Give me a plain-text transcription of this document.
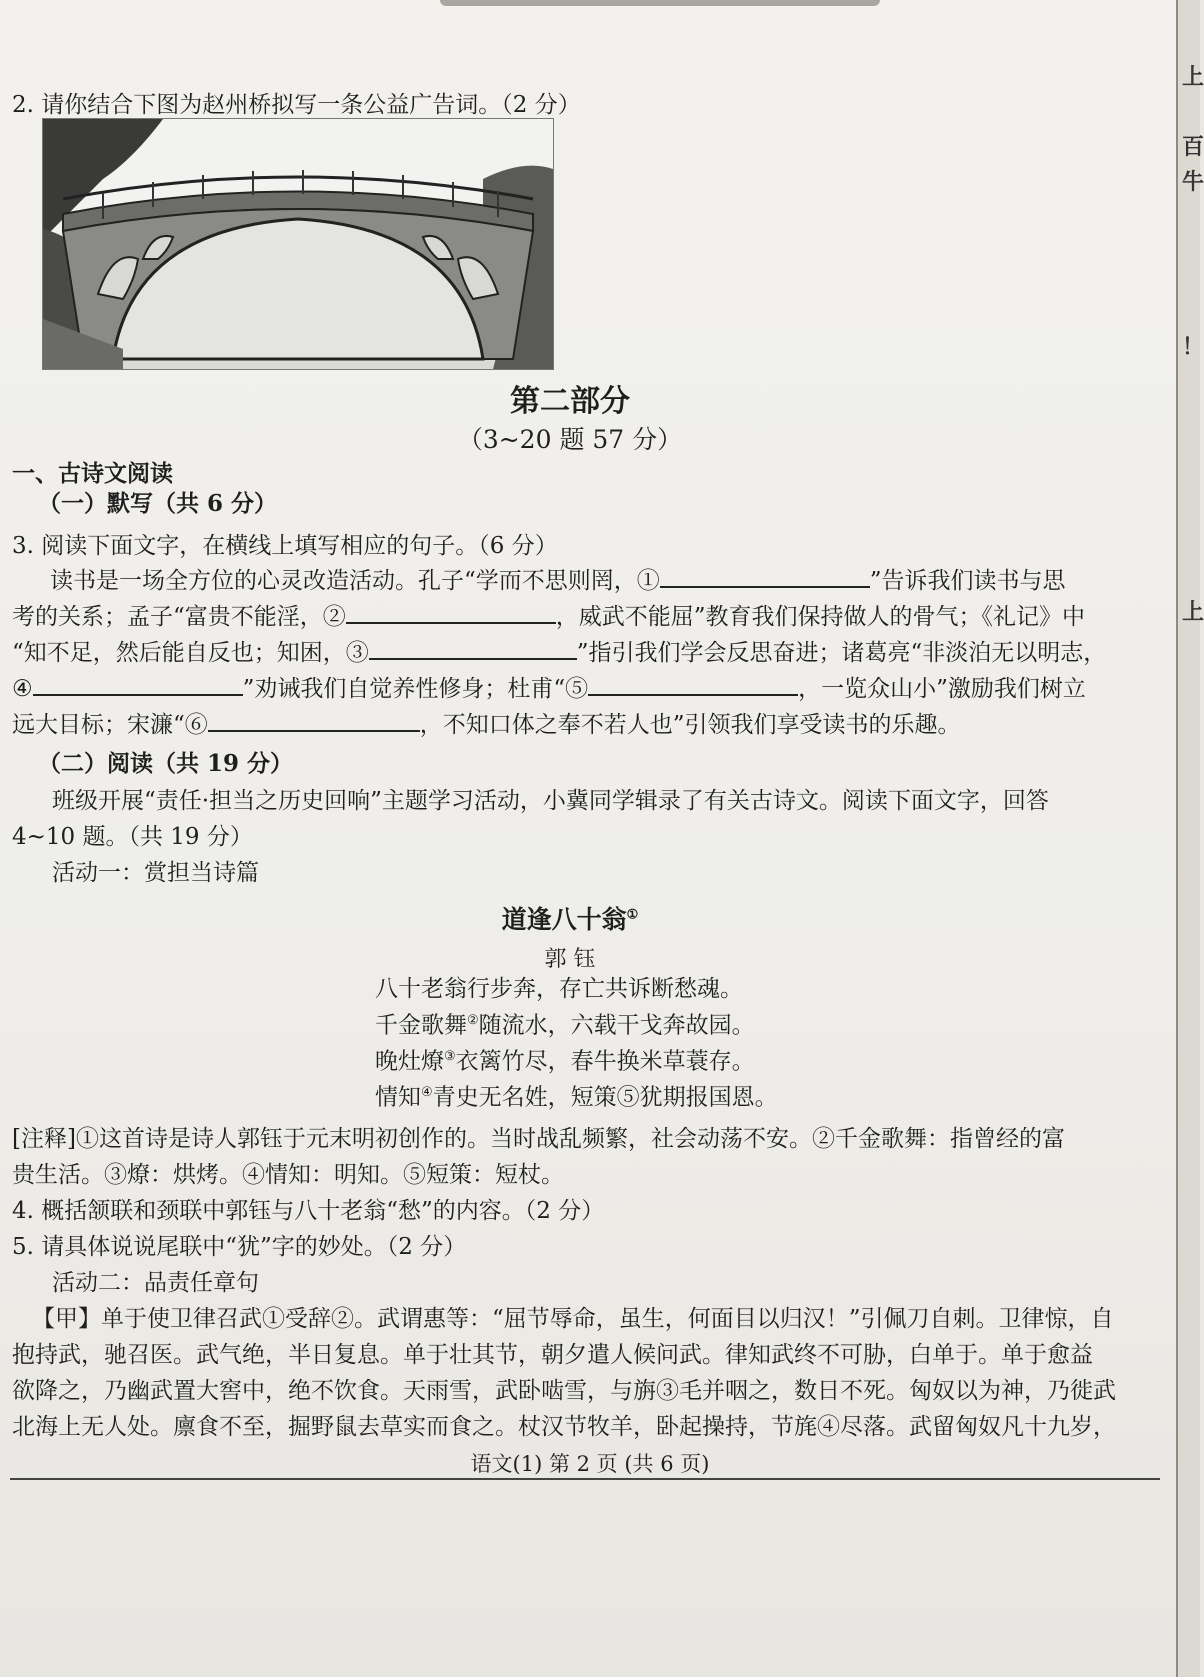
2. 请你结合下图为赵州桥拟写一条公益广告词。（2 分）
第二部分
（3~20 题 57 分）
一、古诗文阅读
（一）默写（共 6 分）
3. 阅读下面文字，在横线上填写相应的句子。（6 分）
读书是一场全方位的心灵改造活动。孔子“学而不思则罔，①	”告诉我们读书与思
考的关系；孟子“富贵不能淫，②	，威武不能屈”教育我们保持做人的骨气；《礼记》中
“知不足，然后能自反也；知困，③	”指引我们学会反思奋进；诸葛亮“非淡泊无以明志，
④	”劝诫我们自觉养性修身；杜甫“⑤	，一览众山小”激励我们树立
远大目标；宋濂“⑥	，不知口体之奉不若人也”引领我们享受读书的乐趣。
（二）阅读（共 19 分）
班级开展“责任·担当之历史回响”主题学习活动，小冀同学辑录了有关古诗文。阅读下面文字，回答
4~10 题。（共 19 分）
活动一：赏担当诗篇
道逢八十翁①
郭 钰
八十老翁行步奔，存亡共诉断愁魂。
千金歌舞②随流水，六载干戈奔故园。
晚灶燎③衣篱竹尽，春牛换米草蓑存。
情知④青史无名姓，短策⑤犹期报国恩。
[注释]①这首诗是诗人郭钰于元末明初创作的。当时战乱频繁，社会动荡不安。②千金歌舞：指曾经的富
贵生活。③燎：烘烤。④情知：明知。⑤短策：短杖。
4. 概括颔联和颈联中郭钰与八十老翁“愁”的内容。（2 分）
5. 请具体说说尾联中“犹”字的妙处。（2 分）
活动二：品责任章句
【甲】单于使卫律召武①受辞②。武谓惠等：“屈节辱命，虽生，何面目以归汉！”引佩刀自刺。卫律惊，自
抱持武，驰召医。武气绝，半日复息。单于壮其节，朝夕遣人候问武。律知武终不可胁，白单于。单于愈益
欲降之，乃幽武置大窖中，绝不饮食。天雨雪，武卧啮雪，与旃③毛并咽之，数日不死。匈奴以为神，乃徙武
北海上无人处。廪食不至，掘野鼠去草实而食之。杖汉节牧羊，卧起操持，节旄④尽落。武留匈奴凡十九岁，
语文(1) 第 2 页 (共 6 页)
上
百
牛
！
上
